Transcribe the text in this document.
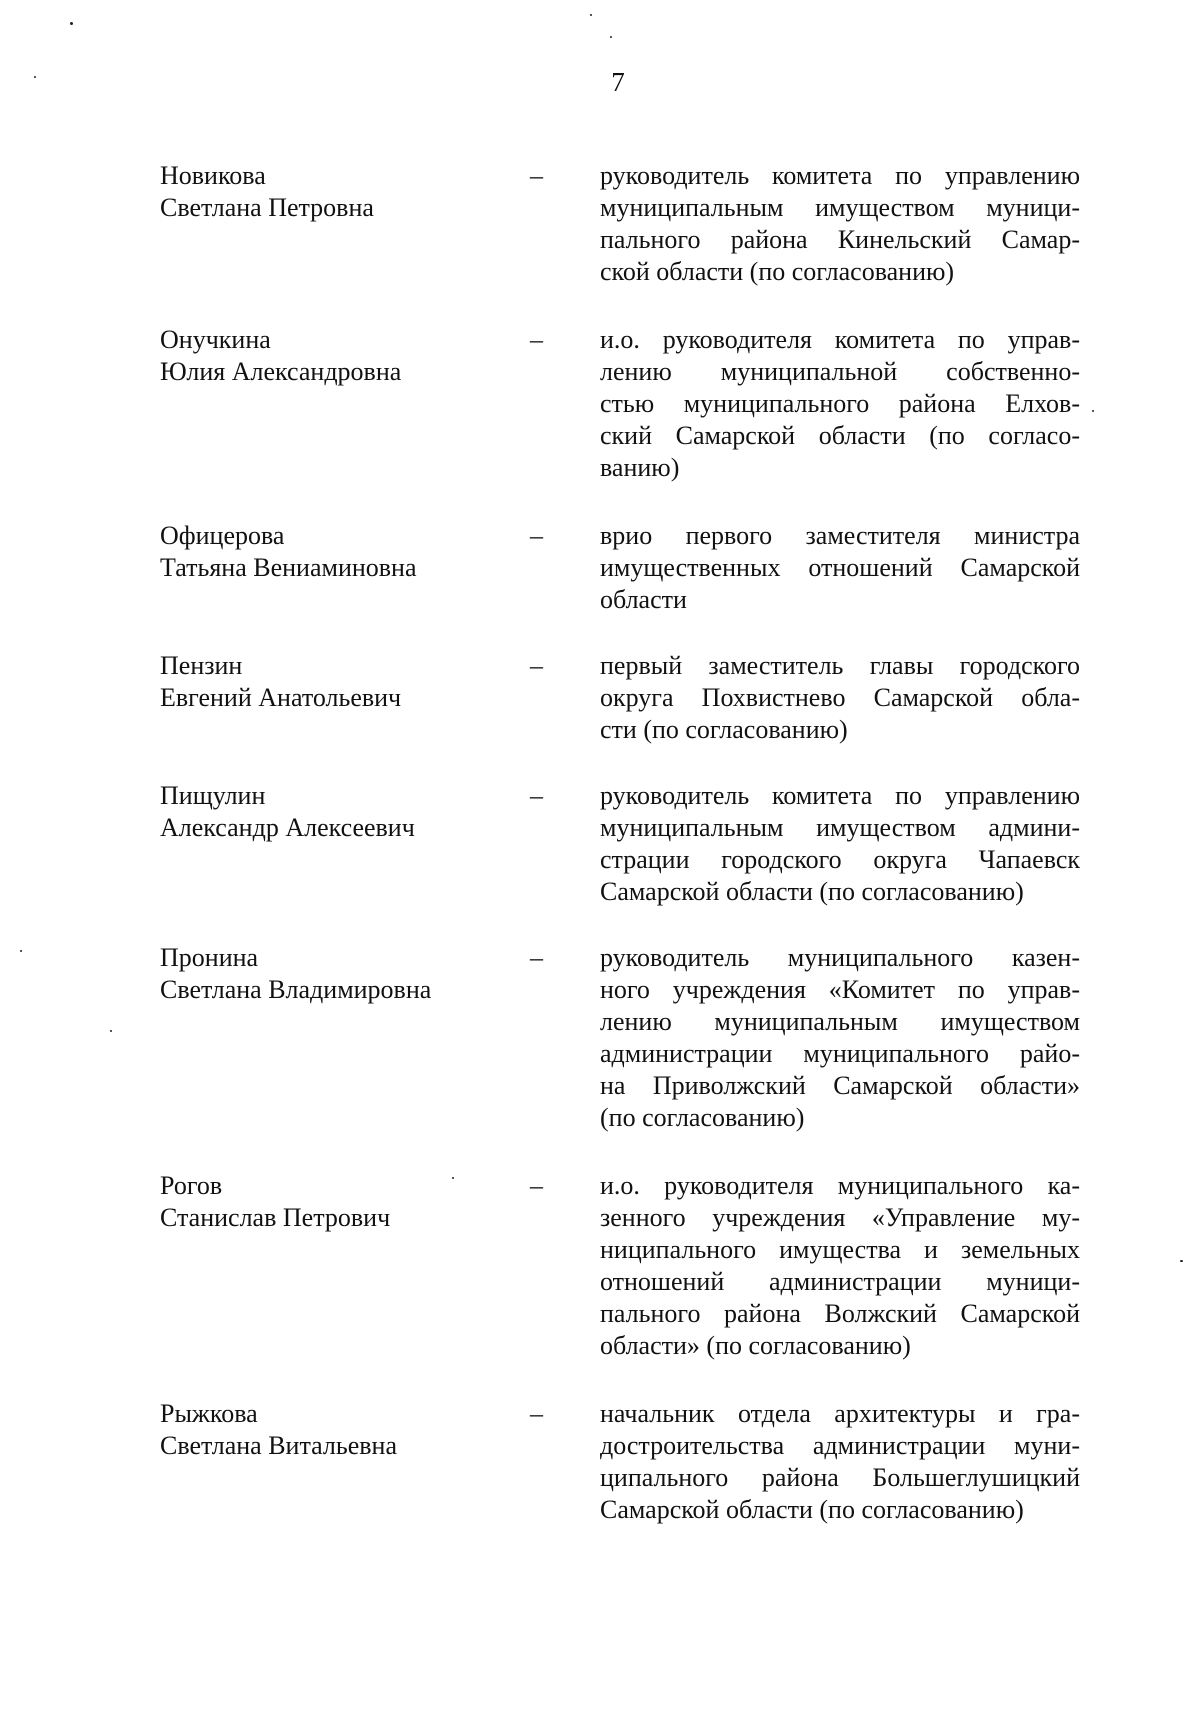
7
Новикова
Светлана Петровна
–	руководитель комитета по управлению
муниципальным имуществом муници-
пального района Кинельский Самар-
ской области (по согласованию)
Онучкина
Юлия Александровна
–	и.о. руководителя комитета по управ-
лению муниципальной собственно-
стью муниципального района Елхов-
ский Самарской области (по согласо-
ванию)
Офицерова
Татьяна Вениаминовна
–	врио первого заместителя министра
имущественных отношений Самарской
области
Пензин
Евгений Анатольевич
–	первый заместитель главы городского
округа Похвистнево Самарской обла-
сти (по согласованию)
Пищулин
Александр Алексеевич
–	руководитель комитета по управлению
муниципальным имуществом админи-
страции городского округа Чапаевск
Самарской области (по согласованию)
Пронина
Светлана Владимировна
–	руководитель муниципального казен-
ного учреждения «Комитет по управ-
лению муниципальным имуществом
администрации муниципального райо-
на Приволжский Самарской области»
(по согласованию)
Рогов
Станислав Петрович
–	и.о. руководителя муниципального ка-
зенного учреждения «Управление му-
ниципального имущества и земельных
отношений администрации муници-
пального района Волжский Самарской
области» (по согласованию)
Рыжкова
Светлана Витальевна
–	начальник отдела архитектуры и гра-
достроительства администрации муни-
ципального района Большеглушицкий
Самарской области (по согласованию)
